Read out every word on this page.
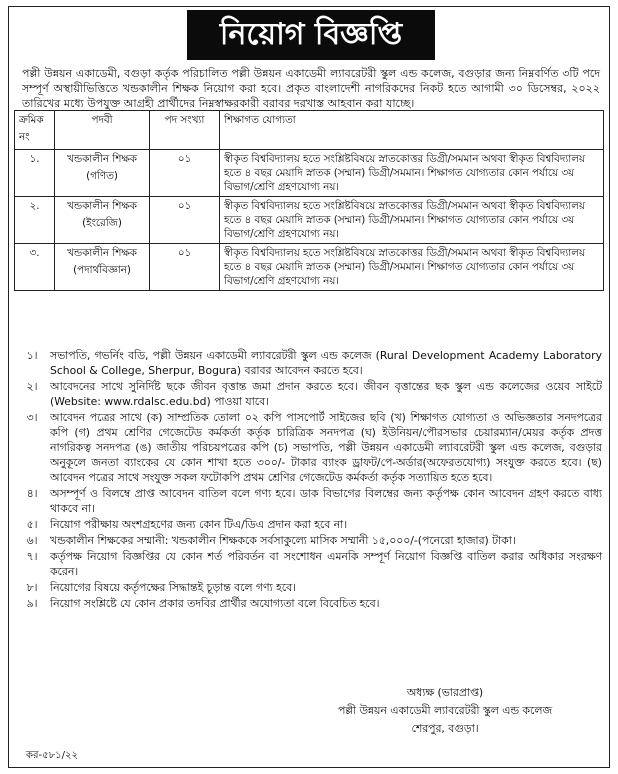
নিয়োগ বিজ্ঞপ্তি
পল্লী উন্নয়ন একাডেমী, বগুড়া কর্তৃক পরিচালিত পল্লী উন্নয়ন একাডেমী ল্যাবরেটরী স্কুল এন্ড কলেজ, বগুড়ার জন্য নিম্নবর্ণিত ৩টি পদে সম্পূর্ণ অস্থায়ীভিত্তিতে খন্ডকালীন শিক্ষক নিয়োগ করা হবে। প্রকৃত বাংলাদেশী নাগরিকদের নিকট হতে আগামী ৩০ ডিসেম্বর, ২০২২ তারিখের মধ্যে উপযুক্ত আগ্রহী প্রার্থীদের নিম্নস্বাক্ষরকারী বরাবর দরখাস্ত আহবান করা যাচ্ছে।
ক্রমিক নং	পদবী	পদ সংখ্যা	শিক্ষাগত যোগ্যতা
১.	খন্ডকালীন শিক্ষক (গণিত)	০১	স্বীকৃত বিশ্ববিদ্যালয় হতে সংশ্লিষ্টবিষয়ে স্নাতকোত্তর ডিগ্রী/সমমান অথবা স্বীকৃত বিশ্ববিদ্যালয় হতে ৪ বছর মেয়াদি স্নাতক (সম্মান) ডিগ্রী/সমমান। শিক্ষাগত যোগ্যতার কোন পর্যায়ে ৩য় বিভাগ/শ্রেণি গ্রহণযোগ্য নয়।
২.	খন্ডকালীন শিক্ষক (ইংরেজি)	০১	স্বীকৃত বিশ্ববিদ্যালয় হতে সংশ্লিষ্টবিষয়ে স্নাতকোত্তর ডিগ্রী/সমমান অথবা স্বীকৃত বিশ্ববিদ্যালয় হতে ৪ বছর মেয়াদি স্নাতক (সম্মান) ডিগ্রী/সমমান। শিক্ষাগত যোগ্যতার কোন পর্যায়ে ৩য় বিভাগ/শ্রেণি গ্রহণযোগ্য নয়।
৩.	খন্ডকালীন শিক্ষক (পদার্থবিজ্ঞান)	০১	স্বীকৃত বিশ্ববিদ্যালয় হতে সংশ্লিষ্টবিষয়ে স্নাতকোত্তর ডিগ্রী/সমমান অথবা স্বীকৃত বিশ্ববিদ্যালয় হতে ৪ বছর মেয়াদি স্নাতক (সম্মান) ডিগ্রী/সমমান। শিক্ষাগত যোগ্যতার কোন পর্যায়ে ৩য় বিভাগ/শ্রেণি গ্রহণযোগ্য নয়।
১।	সভাপতি, গভর্নিং বডি, পল্লী উন্নয়ন একাডেমী ল্যাবরেটরী স্কুল এন্ড কলেজ (Rural Development Academy Laboratory School & College, Sherpur, Bogura) বরাবর আবেদন করতে হবে।
২।	আবেদনের সাথে সুনির্দিষ্ট ছকে জীবন বৃত্তান্ত জমা প্রদান করতে হবে। জীবন বৃত্তান্তের ছক স্কুল এন্ড কলেজের ওয়েব সাইটে (Website: www.rdalsc.edu.bd) পাওয়া যাবে।
৩।	আবেদন পত্রের সাথে (ক) সাম্প্রতিক তোলা ০২ কপি পাসপোর্ট সাইজের ছবি (খ) শিক্ষাগত যোগ্যতা ও অভিজ্ঞতার সনদপত্রের কপি (গ) প্রথম শ্রেণির গেজেটেড কর্মকর্তা কর্তৃক চারিত্রিক সনদপত্র (ঘ) ইউনিয়ন/পৌরসভার চেয়ারম্যান/মেয়র কর্তৃক প্রদত্ত নাগরিকত্ব সনদপত্র (ঙ) জাতীয় পরিচয়পত্রের কপি (চ) সভাপতি, পল্লী উন্নয়ন একাডেমী ল্যাবরেটরী স্কুল এন্ড কলেজ, বগুড়ার অনুকূলে জনতা ব্যাংকের যে কোন শাখা হতে ৩০০/- টাকার ব্যাংক ড্রাফট/পে-অর্ডার(অফেরতযোগ্য) সংযুক্ত করতে হবে। (ছ) আবেদন পত্রের সাথে সংযুক্ত সকল ফটোকপি প্রথম শ্রেণির গেজেটেড কর্মকর্তা কর্তৃক সত্যায়িত হতে হবে।
৪।	অসম্পূর্ণ ও বিলম্বে প্রাপ্ত আবেদন বাতিল বলে গণ্য হবে। ডাক বিভাগের বিলম্বের জন্য কর্তৃপক্ষ কোন আবেদন গ্রহণ করতে বাধ্য থাকবে না।
৫।	নিয়োগ পরীক্ষায় অংশগ্রহণের জন্য কোন টিএ/ডিএ প্রদান করা হবে না।
৬।	খন্ডকালীন শিক্ষকের সম্মানী: খন্ডকালীন শিক্ষককে সর্বসাকুল্যে মাসিক সম্মানী ১৫,০০০/-(পনেরো হাজার) টাকা।
৭।	কর্তৃপক্ষ নিয়োগ বিজ্ঞপ্তির যে কোন শর্ত পরিবর্তন বা সংশোধন এমনকি সম্পূর্ণ নিয়োগ বিজ্ঞপ্তি বাতিল করার অধিকার সংরক্ষণ করেন।
৮।	নিয়োগের বিষয়ে কর্তৃপক্ষের সিদ্ধান্তই চূড়ান্ত বলে গণ্য হবে।
৯।	নিয়োগ সংশ্লিষ্টে যে কোন প্রকার তদবির প্রার্থীর অযোগ্যতা বলে বিবেচিত হবে।
অধ্যক্ষ (ভারপ্রাপ্ত)
পল্লী উন্নয়ন একাডেমী ল্যাবরেটরী স্কুল এন্ড কলেজ
শেরপুর, বগুড়া।
কর-৫৮১/২২
